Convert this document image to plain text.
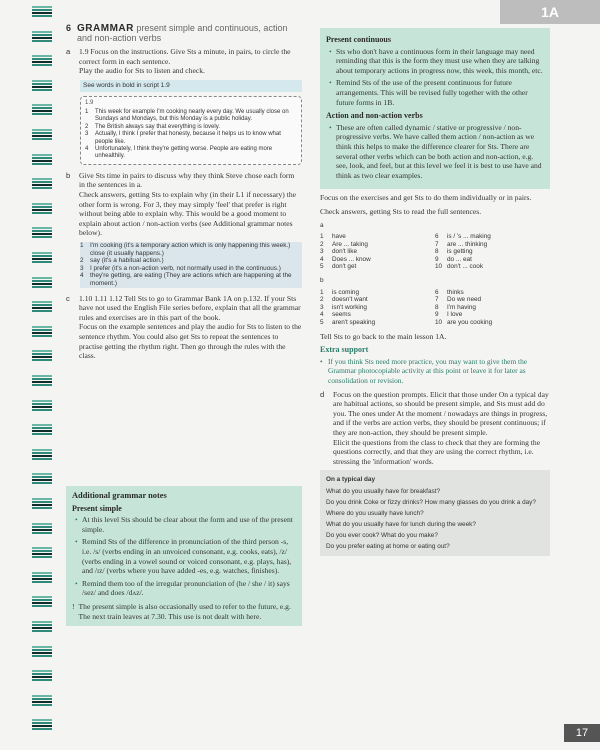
1A
6 GRAMMAR present simple and continuous, action and non-action verbs
a	1.9 Focus on the instructions. Give Sts a minute, in pairs, to circle the correct form in each sentence.

Play the audio for Sts to listen and check.

See words in bold in script 1.9
1.9
1	This week for example I'm cooking nearly every day. We usually close on Sundays and Mondays, but this Monday is a public holiday.
2	The British always say that everything is lovely.
3	Actually, I think I prefer that honesty, because it helps us to know what people like.
4	Unfortunately, I think they're getting worse. People are eating more unhealthily.
b	Give Sts time in pairs to discuss why they think Steve chose each form in the sentences in a.

Check answers, getting Sts to explain why (in their L1 if necessary) the other form is wrong. For 3, they may simply 'feel' that prefer is right without being able to explain why. This would be a good moment to explain about action / non-action verbs (see Additional grammar notes below).

1	I'm cooking (it's a temporary action which is only happening this week.)
close (it usually happens.)
2	say (it's a habitual action.)
3	I prefer (it's a non-action verb, not normally used in the continuous.)
4	they're getting, are eating (They are actions which are happening at the moment.)
c	1.10 1.11 1.12 Tell Sts to go to Grammar Bank 1A on p.132. If your Sts have not used the English File series before, explain that all the grammar rules and exercises are in this part of the book.

Focus on the example sentences and play the audio for Sts to listen to the sentence rhythm. You could also get Sts to repeat the sentences to practise getting the rhythm right. Then go through the rules with the class.

Additional grammar notes
Present simple
• At this level Sts should be clear about the form and use of the present simple.
• Remind Sts of the difference in pronunciation of the third person -s, i.e. /s/ (verbs ending in an unvoiced consonant, e.g. cooks, eats), /z/ (verbs ending in a vowel sound or voiced consonant, e.g. plays, has), and /ɪz/ (verbs where you have added -es, e.g. watches, finishes).
• Remind them too of the irregular pronunciation of (he / she / it) says /sez/ and does /dʌz/.
! The present simple is also occasionally used to refer to the future, e.g. The next train leaves at 7.30. This use is not dealt with here.
Present continuous
• Sts who don't have a continuous form in their language may need reminding that this is the form they must use when they are talking about temporary actions in progress now, this week, this month, etc.
• Remind Sts of the use of the present continuous for future arrangements. This will be revised fully together with the other future forms in 1B.
Action and non-action verbs
• These are often called dynamic / stative or progressive / non-progressive verbs. We have called them action / non-action as we think this helps to make the difference clearer for Sts. There are several other verbs which can be both action and non-action, e.g. see, look, and feel, but at this level we feel it is best to use have and think as two clear examples.

Focus on the exercises and get Sts to do them individually or in pairs.

Check answers, getting Sts to read the full sentences.

a
1	have	6	is / 's ... making
2	Are ... taking	7	are ... thinking
3	don't like	8	is getting
4	Does ... know	9	do ... eat
5	don't get	10 don't ... cook
b
1	is coming	6	thinks
2	doesn't want	7	Do we need
3	isn't working	8	I'm having
4	seems	9	I love
5	aren't speaking	10 are you cooking

Tell Sts to go back to the main lesson 1A.

Extra support

• If you think Sts need more practice, you may want to give them the Grammar photocopiable activity at this point or leave it for later as consolidation or revision.

d	Focus on the question prompts. Elicit that those under On a typical day are habitual actions, so should be present simple, and Sts must add do you. The ones under At the moment / nowadays are things in progress, and if the verbs are action verbs, they should be present continuous; if they are non-action, they should be present simple.

Elicit the questions from the class to check that they are forming the questions correctly, and that they are using the correct rhythm, i.e. stressing the 'information' words.

On a typical day
What do you usually have for breakfast?
Do you drink Coke or fizzy drinks? How many glasses do you drink a day?
Where do you usually have lunch?
What do you usually have for lunch during the week?
Do you ever cook? What do you make?
Do you prefer eating at home or eating out?
17
